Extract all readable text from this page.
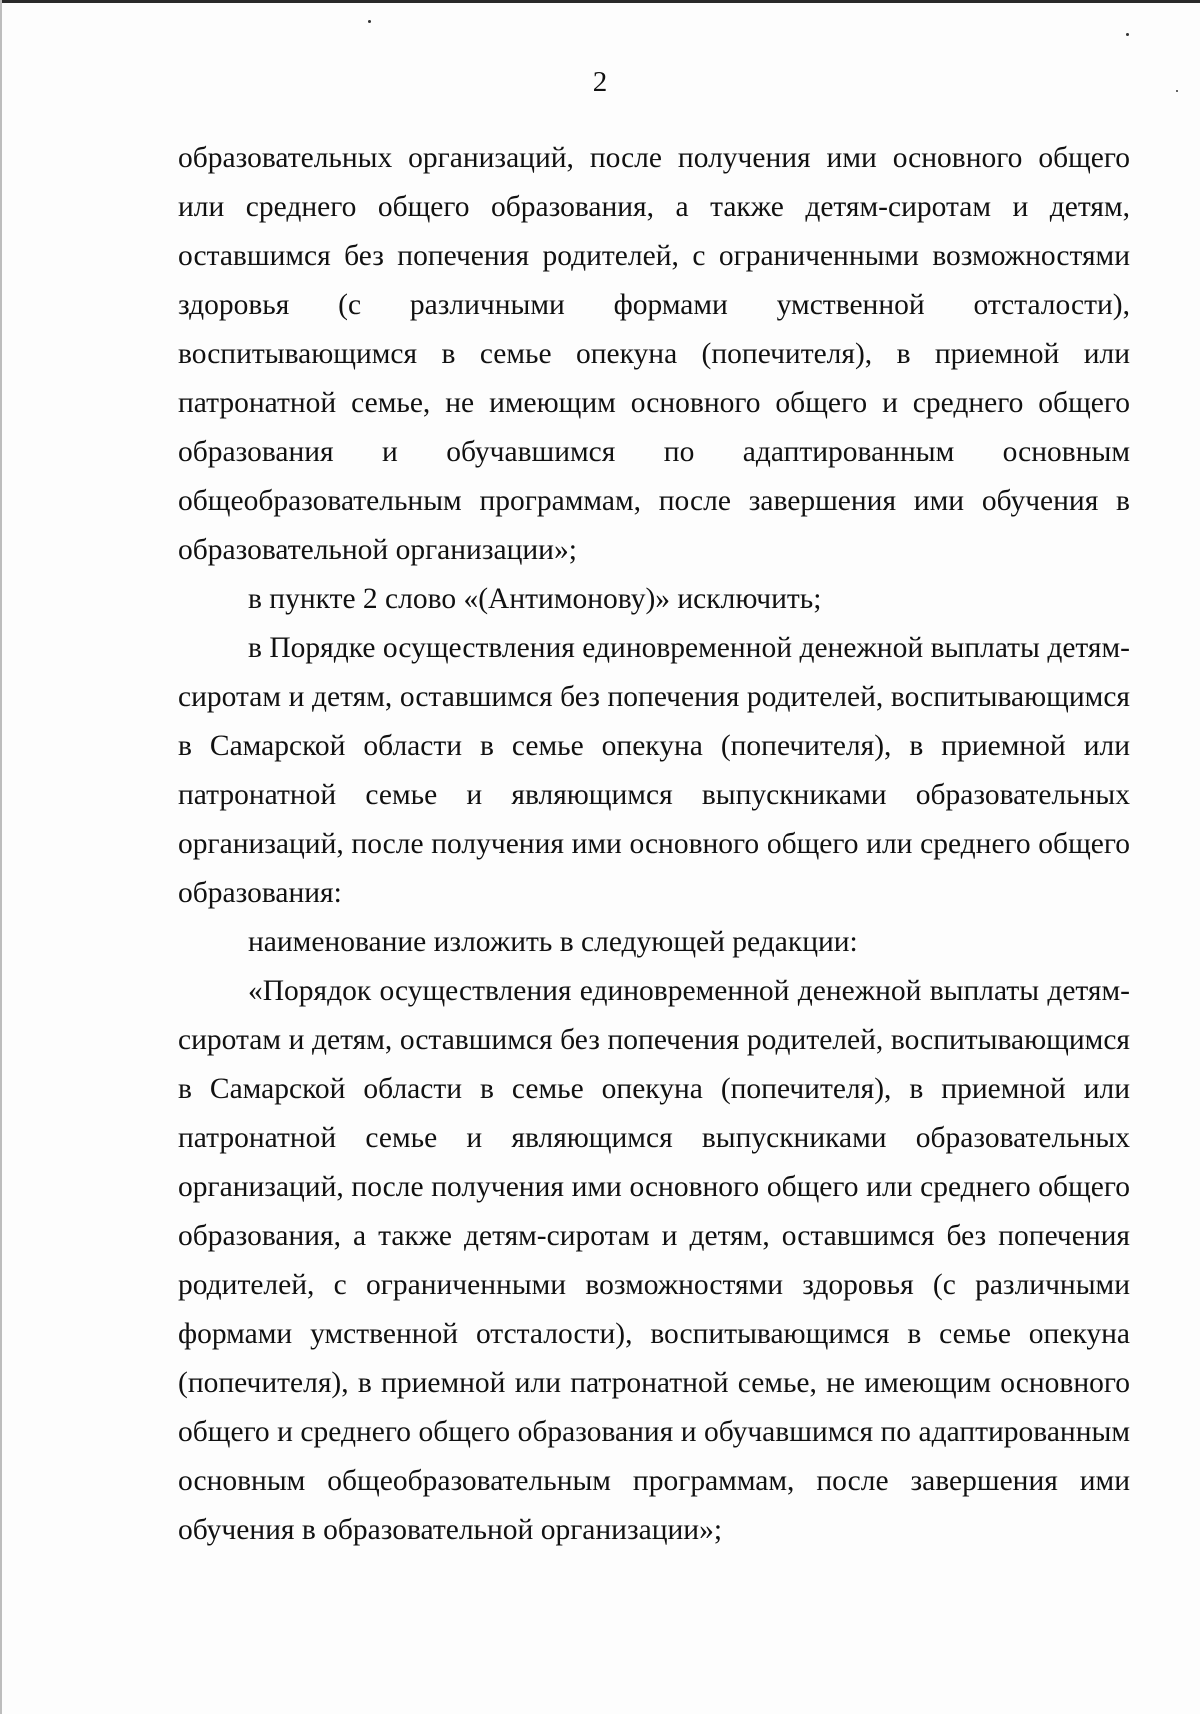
2

образовательных организаций, после получения ими основного общего или среднего общего образования, а также детям-сиротам и детям, оставшимся без попечения родителей, с ограниченными возможностями здоровья (с различными формами умственной отсталости), воспитывающимся в семье опекуна (попечителя), в приемной или патронатной семье, не имеющим основного общего и среднего общего образования и обучавшимся по адаптированным основным общеобразовательным программам, после завершения ими обучения в образовательной организации»;

в пункте 2 слово «(Антимонову)» исключить;

в Порядке осуществления единовременной денежной выплаты детям-сиротам и детям, оставшимся без попечения родителей, воспитывающимся в Самарской области в семье опекуна (попечителя), в приемной или патронатной семье и являющимся выпускниками образовательных организаций, после получения ими основного общего или среднего общего образования:

наименование изложить в следующей редакции:

«Порядок осуществления единовременной денежной выплаты детям-сиротам и детям, оставшимся без попечения родителей, воспитывающимся в Самарской области в семье опекуна (попечителя), в приемной или патронатной семье и являющимся выпускниками образовательных организаций, после получения ими основного общего или среднего общего образования, а также детям-сиротам и детям, оставшимся без попечения родителей, с ограниченными возможностями здоровья (с различными формами умственной отсталости), воспитывающимся в семье опекуна (попечителя), в приемной или патронатной семье, не имеющим основного общего и среднего общего образования и обучавшимся по адаптированным основным общеобразовательным программам, после завершения ими обучения в образовательной организации»;
